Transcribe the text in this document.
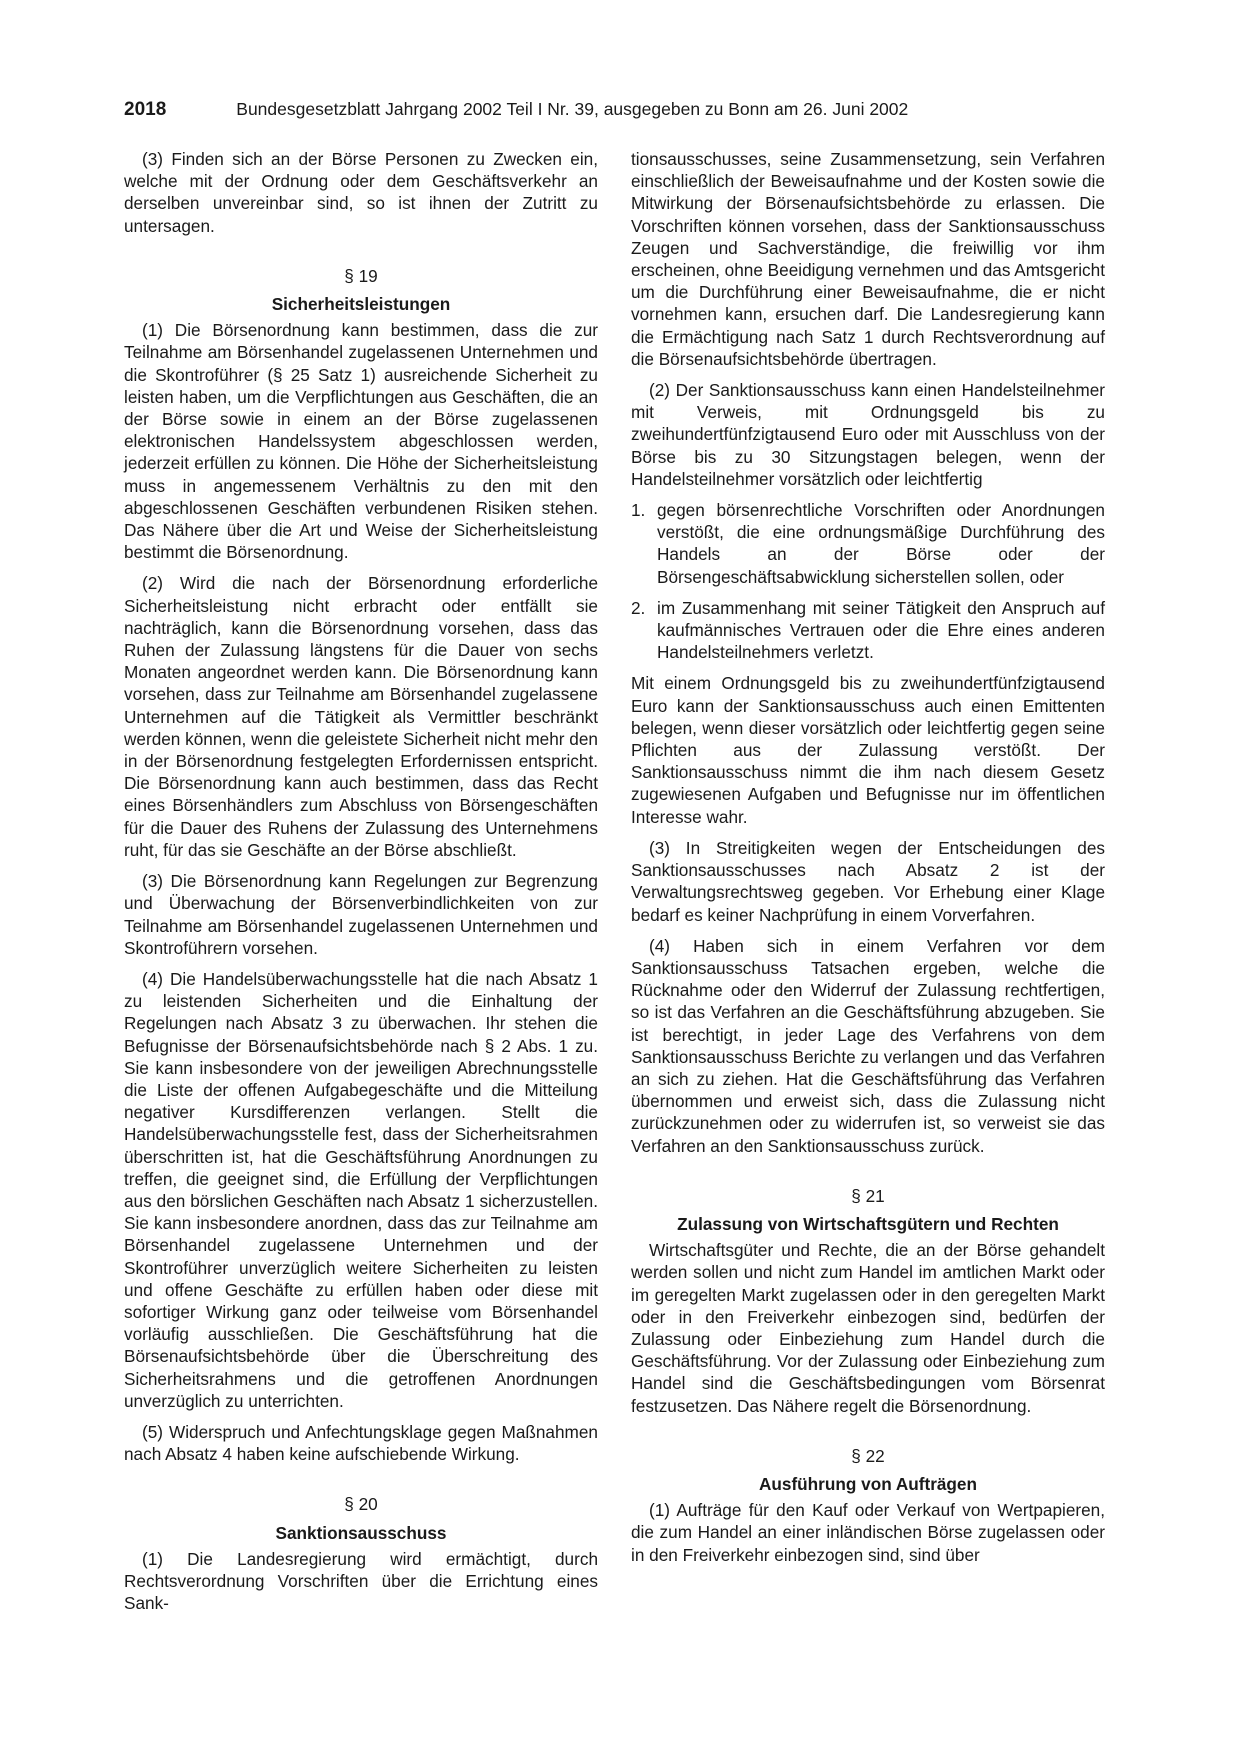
2018	Bundesgesetzblatt Jahrgang 2002 Teil I Nr. 39, ausgegeben zu Bonn am 26. Juni 2002

(3) Finden sich an der Börse Personen zu Zwecken ein, welche mit der Ordnung oder dem Geschäftsverkehr an derselben unvereinbar sind, so ist ihnen der Zutritt zu untersagen.

§ 19

Sicherheitsleistungen

(1) Die Börsenordnung kann bestimmen, dass die zur Teilnahme am Börsenhandel zugelassenen Unternehmen und die Skontroführer (§ 25 Satz 1) ausreichende Sicherheit zu leisten haben, um die Verpflichtungen aus Geschäften, die an der Börse sowie in einem an der Börse zugelassenen elektronischen Handelssystem abgeschlossen werden, jederzeit erfüllen zu können. Die Höhe der Sicherheitsleistung muss in angemessenem Verhältnis zu den mit den abgeschlossenen Geschäften verbundenen Risiken stehen. Das Nähere über die Art und Weise der Sicherheitsleistung bestimmt die Börsenordnung.

(2) Wird die nach der Börsenordnung erforderliche Sicherheitsleistung nicht erbracht oder entfällt sie nachträglich, kann die Börsenordnung vorsehen, dass das Ruhen der Zulassung längstens für die Dauer von sechs Monaten angeordnet werden kann. Die Börsenordnung kann vorsehen, dass zur Teilnahme am Börsenhandel zugelassene Unternehmen auf die Tätigkeit als Vermittler beschränkt werden können, wenn die geleistete Sicherheit nicht mehr den in der Börsenordnung festgelegten Erfordernissen entspricht. Die Börsenordnung kann auch bestimmen, dass das Recht eines Börsenhändlers zum Abschluss von Börsengeschäften für die Dauer des Ruhens der Zulassung des Unternehmens ruht, für das sie Geschäfte an der Börse abschließt.

(3) Die Börsenordnung kann Regelungen zur Begrenzung und Überwachung der Börsenverbindlichkeiten von zur Teilnahme am Börsenhandel zugelassenen Unternehmen und Skontroführern vorsehen.

(4) Die Handelsüberwachungsstelle hat die nach Absatz 1 zu leistenden Sicherheiten und die Einhaltung der Regelungen nach Absatz 3 zu überwachen. Ihr stehen die Befugnisse der Börsenaufsichtsbehörde nach § 2 Abs. 1 zu. Sie kann insbesondere von der jeweiligen Abrechnungsstelle die Liste der offenen Aufgabegeschäfte und die Mitteilung negativer Kursdifferenzen verlangen. Stellt die Handelsüberwachungsstelle fest, dass der Sicherheitsrahmen überschritten ist, hat die Geschäftsführung Anordnungen zu treffen, die geeignet sind, die Erfüllung der Verpflichtungen aus den börslichen Geschäften nach Absatz 1 sicherzustellen. Sie kann insbesondere anordnen, dass das zur Teilnahme am Börsenhandel zugelassene Unternehmen und der Skontroführer unverzüglich weitere Sicherheiten zu leisten und offene Geschäfte zu erfüllen haben oder diese mit sofortiger Wirkung ganz oder teilweise vom Börsenhandel vorläufig ausschließen. Die Geschäftsführung hat die Börsenaufsichtsbehörde über die Überschreitung des Sicherheitsrahmens und die getroffenen Anordnungen unverzüglich zu unterrichten.

(5) Widerspruch und Anfechtungsklage gegen Maßnahmen nach Absatz 4 haben keine aufschiebende Wirkung.

§ 20

Sanktionsausschuss

(1) Die Landesregierung wird ermächtigt, durch Rechtsverordnung Vorschriften über die Errichtung eines Sank-

tionsausschusses, seine Zusammensetzung, sein Verfahren einschließlich der Beweisaufnahme und der Kosten sowie die Mitwirkung der Börsenaufsichtsbehörde zu erlassen. Die Vorschriften können vorsehen, dass der Sanktionsausschuss Zeugen und Sachverständige, die freiwillig vor ihm erscheinen, ohne Beeidigung vernehmen und das Amtsgericht um die Durchführung einer Beweisaufnahme, die er nicht vornehmen kann, ersuchen darf. Die Landesregierung kann die Ermächtigung nach Satz 1 durch Rechtsverordnung auf die Börsenaufsichtsbehörde übertragen.

(2) Der Sanktionsausschuss kann einen Handelsteilnehmer mit Verweis, mit Ordnungsgeld bis zu zweihundertfünfzigtausend Euro oder mit Ausschluss von der Börse bis zu 30 Sitzungstagen belegen, wenn der Handelsteilnehmer vorsätzlich oder leichtfertig

1. gegen börsenrechtliche Vorschriften oder Anordnungen verstößt, die eine ordnungsmäßige Durchführung des Handels an der Börse oder der Börsengeschäftsabwicklung sicherstellen sollen, oder
2. im Zusammenhang mit seiner Tätigkeit den Anspruch auf kaufmännisches Vertrauen oder die Ehre eines anderen Handelsteilnehmers verletzt.

Mit einem Ordnungsgeld bis zu zweihundertfünfzigtausend Euro kann der Sanktionsausschuss auch einen Emittenten belegen, wenn dieser vorsätzlich oder leichtfertig gegen seine Pflichten aus der Zulassung verstößt. Der Sanktionsausschuss nimmt die ihm nach diesem Gesetz zugewiesenen Aufgaben und Befugnisse nur im öffentlichen Interesse wahr.

(3) In Streitigkeiten wegen der Entscheidungen des Sanktionsausschusses nach Absatz 2 ist der Verwaltungsrechtsweg gegeben. Vor Erhebung einer Klage bedarf es keiner Nachprüfung in einem Vorverfahren.

(4) Haben sich in einem Verfahren vor dem Sanktionsausschuss Tatsachen ergeben, welche die Rücknahme oder den Widerruf der Zulassung rechtfertigen, so ist das Verfahren an die Geschäftsführung abzugeben. Sie ist berechtigt, in jeder Lage des Verfahrens von dem Sanktionsausschuss Berichte zu verlangen und das Verfahren an sich zu ziehen. Hat die Geschäftsführung das Verfahren übernommen und erweist sich, dass die Zulassung nicht zurückzunehmen oder zu widerrufen ist, so verweist sie das Verfahren an den Sanktionsausschuss zurück.

§ 21

Zulassung von Wirtschaftsgütern und Rechten

Wirtschaftsgüter und Rechte, die an der Börse gehandelt werden sollen und nicht zum Handel im amtlichen Markt oder im geregelten Markt zugelassen oder in den geregelten Markt oder in den Freiverkehr einbezogen sind, bedürfen der Zulassung oder Einbeziehung zum Handel durch die Geschäftsführung. Vor der Zulassung oder Einbeziehung zum Handel sind die Geschäftsbedingungen vom Börsenrat festzusetzen. Das Nähere regelt die Börsenordnung.

§ 22

Ausführung von Aufträgen

(1) Aufträge für den Kauf oder Verkauf von Wertpapieren, die zum Handel an einer inländischen Börse zugelassen oder in den Freiverkehr einbezogen sind, sind über
